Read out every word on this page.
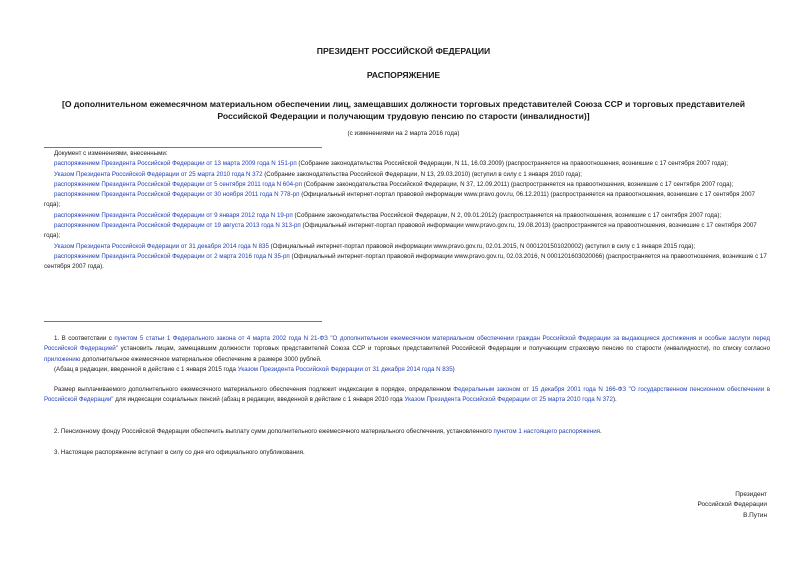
ПРЕЗИДЕНТ РОССИЙСКОЙ ФЕДЕРАЦИИ
РАСПОРЯЖЕНИЕ
[О дополнительном ежемесячном материальном обеспечении лиц, замещавших должности торговых представителей Союза ССР и торговых представителей Российской Федерации и получающим трудовую пенсию по старости (инвалидности)]
(с изменениями на 2 марта 2016 года)
Документ с изменениями, внесенными:
распоряжением Президента Российской Федерации от 13 марта 2009 года N 151-рп (Собрание законодательства Российской Федерации, N 11, 16.03.2009) (распространяется на правоотношения, возникшие с 17 сентября 2007 года);
Указом Президента Российской Федерации от 25 марта 2010 года N 372 (Собрание законодательства Российской Федерации, N 13, 29.03.2010) (вступил в силу с 1 января 2010 года);
распоряжением Президента Российской Федерации от 5 сентября 2011 года N 604-рп (Собрание законодательства Российской Федерации, N 37, 12.09.2011) (распространяется на правоотношения, возникшие с 17 сентября 2007 года);
распоряжением Президента Российской Федерации от 30 ноября 2011 года N 778-рп (Официальный интернет-портал правовой информации www.pravo.gov.ru, 06.12.2011) (распространяется на правоотношения, возникшие с 17 сентября 2007 года);
распоряжением Президента Российской Федерации от 9 января 2012 года N 19-рп (Собрание законодательства Российской Федерации, N 2, 09.01.2012) (распространяется на правоотношения, возникшие с 17 сентября 2007 года);
распоряжением Президента Российской Федерации от 19 августа 2013 года N 313-рп (Официальный интернет-портал правовой информации www.pravo.gov.ru, 19.08.2013) (распространяется на правоотношения, возникшие с 17 сентября 2007 года);
Указом Президента Российской Федерации от 31 декабря 2014 года N 835 (Официальный интернет-портал правовой информации www.pravo.gov.ru, 02.01.2015, N 0001201501020002) (вступил в силу с 1 января 2015 года);
распоряжением Президента Российской Федерации от 2 марта 2016 года N 35-рп (Официальный интернет-портал правовой информации www.pravo.gov.ru, 02.03.2016, N 0001201603020066) (распространяется на правоотношения, возникшие с 17 сентября 2007 года).

1. В соответствии с пунктом 5 статьи 1 Федерального закона от 4 марта 2002 года N 21-ФЗ "О дополнительном ежемесячном материальном обеспечении граждан Российской Федерации за выдающиеся достижения и особые заслуги перед Российской Федерацией" установить лицам, замещавшим должности торговых представителей Союза ССР и торговых представителей Российской Федерации и получающим страховую пенсию по старости (инвалидности), по списку согласно приложению дополнительное ежемесячное материальное обеспечение в размере 3000 рублей.

(Абзац в редакции, введенной в действие с 1 января 2015 года Указом Президента Российской Федерации от 31 декабря 2014 года N 835)

Размер выплачиваемого дополнительного ежемесячного материального обеспечения подлежит индексации в порядке, определенном Федеральным законом от 15 декабря 2001 года N 166-ФЗ "О государственном пенсионном обеспечении в Российской Федерации" для индексации социальных пенсий (абзац в редакции, введенной в действие с 1 января 2010 года Указом Президента Российской Федерации от 25 марта 2010 года N 372).

2. Пенсионному фонду Российской Федерации обеспечить выплату сумм дополнительного ежемесячного материального обеспечения, установленного пунктом 1 настоящего распоряжения.

3. Настоящее распоряжение вступает в силу со дня его официального опубликования.

Президент
Российской Федерации
В.Путин
